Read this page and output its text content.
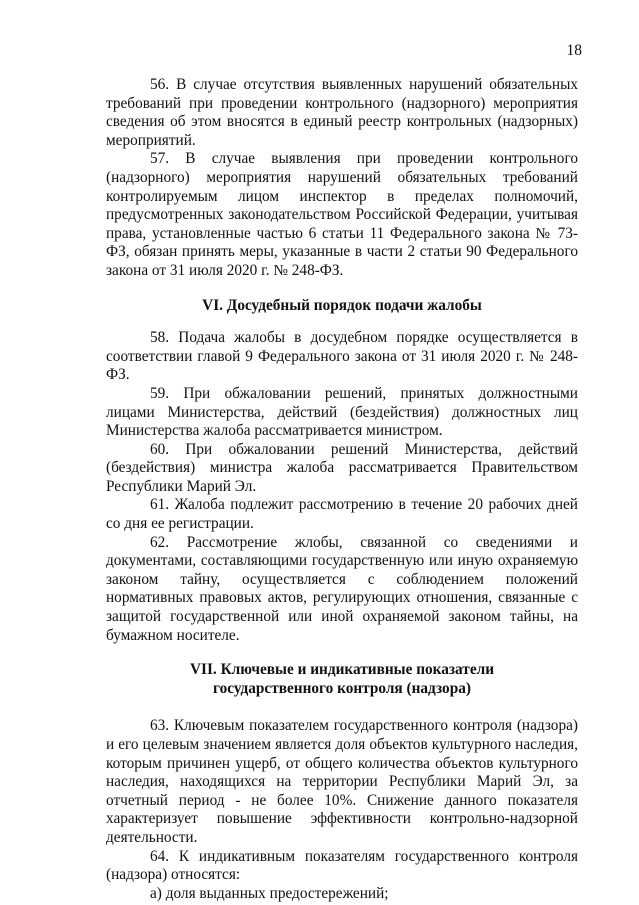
18

56. В случае отсутствия выявленных нарушений обязательных требований при проведении контрольного (надзорного) мероприятия сведения об этом вносятся в единый реестр контрольных (надзорных) мероприятий.

57. В случае выявления при проведении контрольного (надзорного) мероприятия нарушений обязательных требований контролируемым лицом инспектор в пределах полномочий, предусмотренных законодательством Российской Федерации, учитывая права, установленные частью 6 статьи 11 Федерального закона № 73-ФЗ, обязан принять меры, указанные в части 2 статьи 90 Федерального закона от 31 июля 2020 г. № 248-ФЗ.

VI. Досудебный порядок подачи жалобы

58. Подача жалобы в досудебном порядке осуществляется в соответствии главой 9 Федерального закона от 31 июля 2020 г. № 248-ФЗ.

59. При обжаловании решений, принятых должностными лицами Министерства, действий (бездействия) должностных лиц Министерства жалоба рассматривается министром.

60. При обжаловании решений Министерства, действий (бездействия) министра жалоба рассматривается Правительством Республики Марий Эл.

61. Жалоба подлежит рассмотрению в течение 20 рабочих дней со дня ее регистрации.

62. Рассмотрение жлобы, связанной со сведениями и документами, составляющими государственную или иную охраняемую законом тайну, осуществляется с соблюдением положений нормативных правовых актов, регулирующих отношения, связанные с защитой государственной или иной охраняемой законом тайны, на бумажном носителе.

VII. Ключевые и индикативные показатели

государственного контроля (надзора)

63. Ключевым показателем государственного контроля (надзора) и его целевым значением является доля объектов культурного наследия, которым причинен ущерб, от общего количества объектов культурного наследия, находящихся на территории Республики Марий Эл, за отчетный период - не более 10%. Снижение данного показателя характеризует повышение эффективности контрольно-надзорной деятельности.

64. К индикативным показателям государственного контроля (надзора) относятся:

а) доля выданных предостережений;
